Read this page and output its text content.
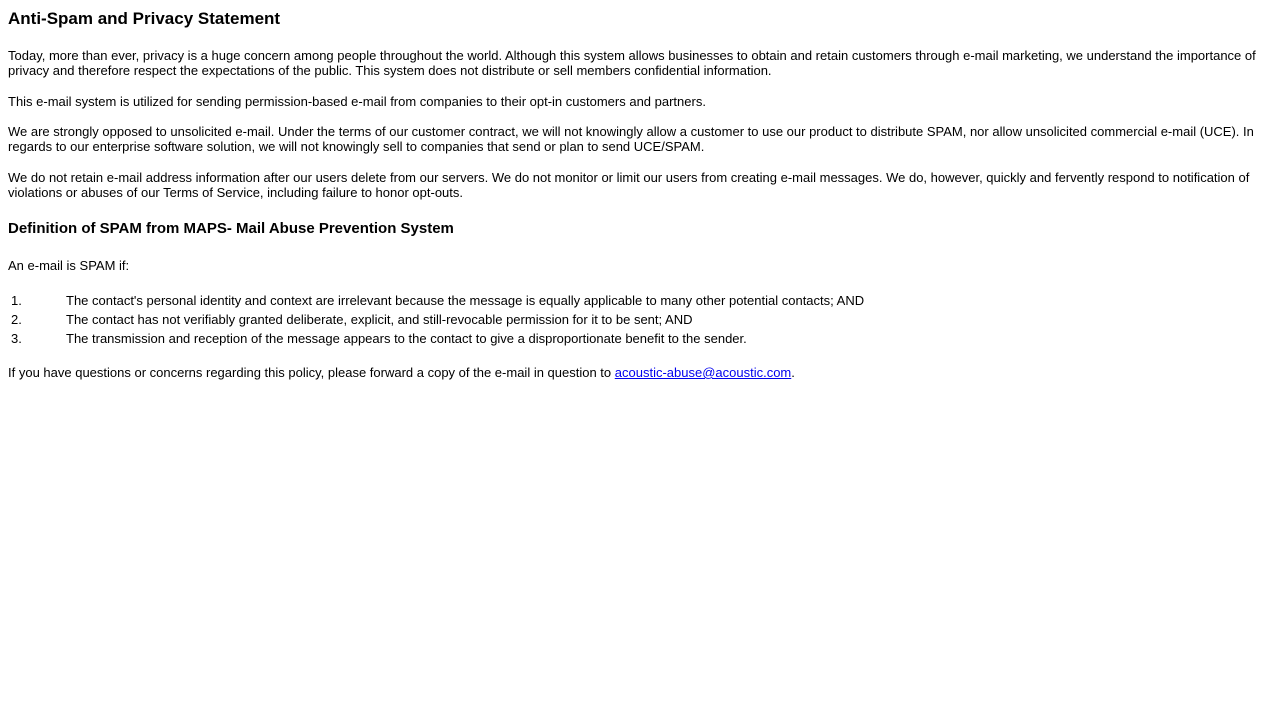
Anti-Spam and Privacy Statement

Today, more than ever, privacy is a huge concern among people throughout the world. Although this system allows businesses to obtain and retain customers through e-mail marketing, we understand the importance of privacy and therefore respect the expectations of the public. This system does not distribute or sell members confidential information.

This e-mail system is utilized for sending permission-based e-mail from companies to their opt-in customers and partners.

We are strongly opposed to unsolicited e-mail. Under the terms of our customer contract, we will not knowingly allow a customer to use our product to distribute SPAM, nor allow unsolicited commercial e-mail (UCE). In regards to our enterprise software solution, we will not knowingly sell to companies that send or plan to send UCE/SPAM.

We do not retain e-mail address information after our users delete from our servers. We do not monitor or limit our users from creating e-mail messages. We do, however, quickly and fervently respond to notification of violations or abuses of our Terms of Service, including failure to honor opt-outs.

Definition of SPAM from MAPS- Mail Abuse Prevention System

An e-mail is SPAM if:

1.	The contact's personal identity and context are irrelevant because the message is equally applicable to many other potential contacts; AND
2.	The contact has not verifiably granted deliberate, explicit, and still-revocable permission for it to be sent; AND
3.	The transmission and reception of the message appears to the contact to give a disproportionate benefit to the sender.

If you have questions or concerns regarding this policy, please forward a copy of the e-mail in question to acoustic-abuse@acoustic.com.
